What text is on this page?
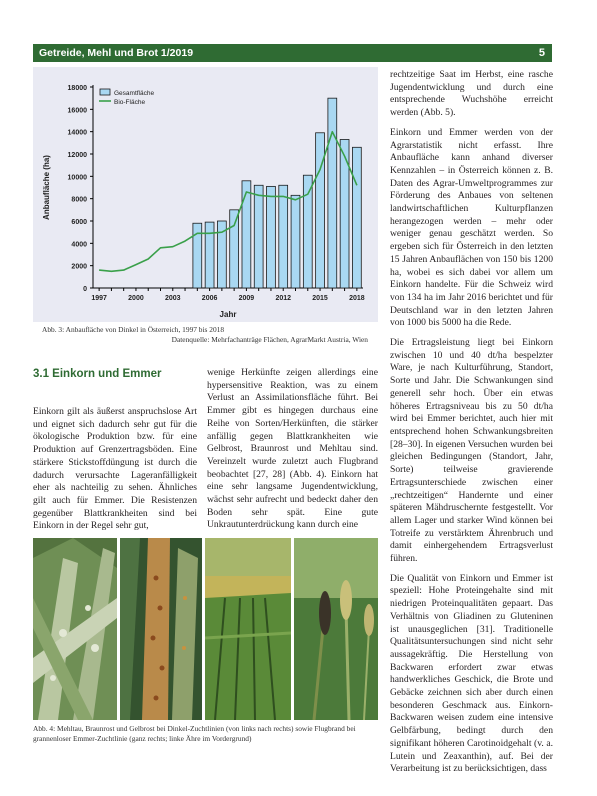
Getreide, Mehl und Brot 1/2019	5
0
2000
4000
6000
8000
10000
12000
14000
16000
18000
1997	2000	2003	2006	2009	2012	2015	2018
Jahr
Anbaufläche (ha)
Gesamtfläche
Bio-Fläche
Abb. 3: Anbaufläche von Dinkel in Österreich, 1997 bis 2018
Datenquelle: Mehrfachanträge Flächen, AgrarMarkt Austria, Wien
3.1 Einkorn und Emmer

Einkorn gilt als äußerst anspruchslose Art und eignet sich dadurch sehr gut für die ökologische Produktion bzw. für eine Produktion auf Grenzertragsböden. Eine stärkere Stickstoffdüngung ist durch die dadurch verursachte Lageranfälligkeit eher als nachteilig zu sehen. Ähnliches gilt auch für Emmer. Die Resistenzen gegenüber Blattkrankheiten sind bei Einkorn in der Regel sehr gut,

wenige Herkünfte zeigen allerdings eine hypersensitive Reaktion, was zu einem Verlust an Assimilationsfläche führt. Bei Emmer gibt es hingegen durchaus eine Reihe von Sorten/Herkünften, die stärker anfällig gegen Blattkrankheiten wie Gelbrost, Braunrost und Mehltau sind. Vereinzelt wurde zuletzt auch Flugbrand beobachtet [27, 28] (Abb. 4). Einkorn hat eine sehr langsame Jugendentwicklung, wächst sehr aufrecht und bedeckt daher den Boden sehr spät. Eine gute Unkrautunterdrückung kann durch eine

rechtzeitige Saat im Herbst, eine rasche Jugendentwicklung und durch eine entsprechende Wuchshöhe erreicht werden (Abb. 5).

Einkorn und Emmer werden von der Agrarstatistik nicht erfasst. Ihre Anbaufläche kann anhand diverser Kennzahlen – in Österreich können z. B. Daten des Agrar-Umweltprogrammes zur Förderung des Anbaues von seltenen landwirtschaftlichen Kulturpflanzen herangezogen werden – mehr oder weniger genau geschätzt werden. So ergeben sich für Österreich in den letzten 15 Jahren Anbauflächen von 150 bis 1200 ha, wobei es sich dabei vor allem um Einkorn handelte. Für die Schweiz wird von 134 ha im Jahr 2016 berichtet und für Deutschland war in den letzten Jahren von 1000 bis 5000 ha die Rede.

Die Ertragsleistung liegt bei Einkorn zwischen 10 und 40 dt/ha bespelzter Ware, je nach Kulturführung, Standort, Sorte und Jahr. Die Schwankungen sind generell sehr hoch. Über ein etwas höheres Ertragsniveau bis zu 50 dt/ha wird bei Emmer berichtet, auch hier mit entsprechend hohen Schwankungsbreiten [28–30]. In eigenen Versuchen wurden bei gleichen Bedingungen (Standort, Jahr, Sorte) teilweise gravierende Ertragsunterschiede zwischen einer „rechtzeitigen“ Handernte und einer späteren Mähdruschernte festgestellt. Vor allem Lager und starker Wind können bei Totreife zu verstärktem Ährenbruch und damit einhergehendem Ertragsverlust führen.

Die Qualität von Einkorn und Emmer ist speziell: Hohe Proteingehalte sind mit niedrigen Proteinqualitäten gepaart. Das Verhältnis von Gliadinen zu Gluteninen ist unausgeglichen [31]. Traditionelle Qualitätsuntersuchungen sind nicht sehr aussagekräftig. Die Herstellung von Backwaren erfordert zwar etwas handwerkliches Geschick, die Brote und Gebäcke zeichnen sich aber durch einen besonderen Geschmack aus. Einkorn-Backwaren weisen zudem eine intensive Gelbfärbung, bedingt durch den signifikant höheren Carotinoidgehalt (v. a. Lutein und Zeaxanthin), auf. Bei der Verarbeitung ist zu berücksichtigen, dass

Abb. 4: Mehltau, Braunrost und Gelbrost bei Dinkel-Zuchtlinien (von links nach rechts) sowie Flugbrand bei grannenloser Emmer-Zuchtlinie (ganz rechts; linke Ähre im Vordergrund)
